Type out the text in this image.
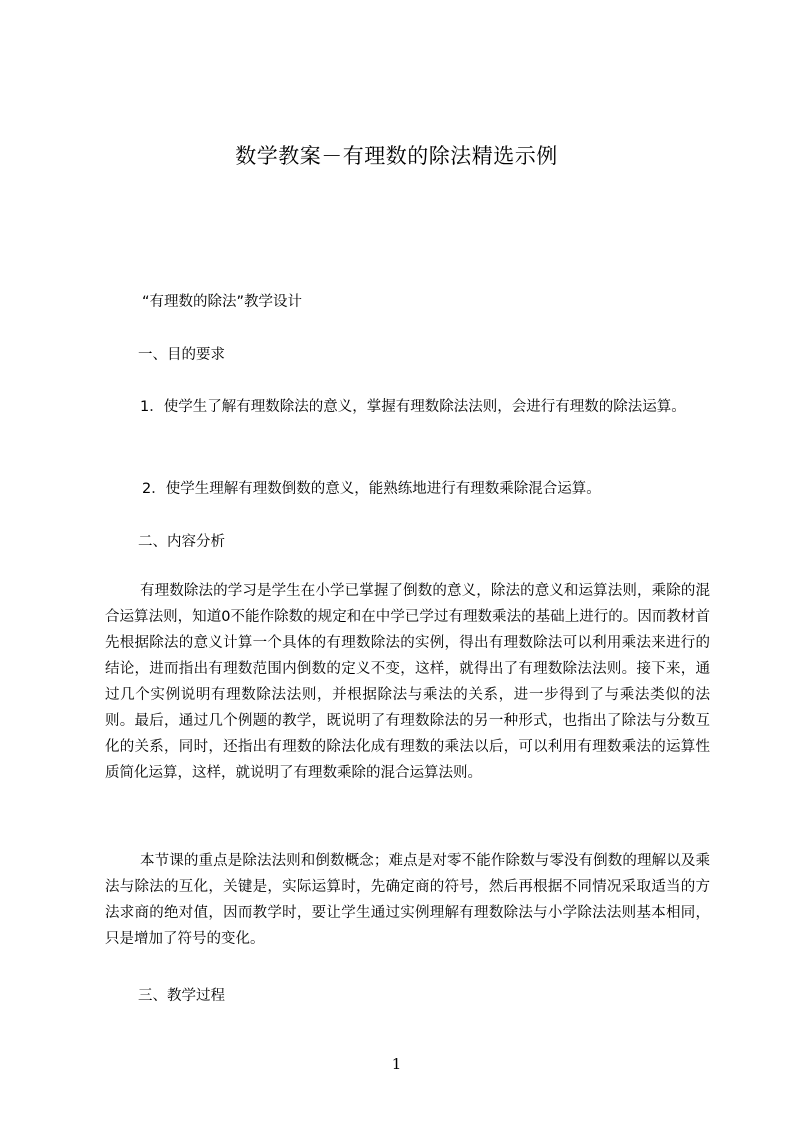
数学教案－有理数的除法精选示例
“有理数的除法”教学设计
一、目的要求
1．使学生了解有理数除法的意义，掌握有理数除法法则，会进行有理数的除法运算。
2．使学生理解有理数倒数的意义，能熟练地进行有理数乘除混合运算。
二、内容分析
有理数除法的学习是学生在小学已掌握了倒数的意义，除法的意义和运算法则，乘除的混合运算法则，知道0不能作除数的规定和在中学已学过有理数乘法的基础上进行的。因而教材首先根据除法的意义计算一个具体的有理数除法的实例，得出有理数除法可以利用乘法来进行的结论，进而指出有理数范围内倒数的定义不变，这样，就得出了有理数除法法则。接下来，通过几个实例说明有理数除法法则，并根据除法与乘法的关系，进一步得到了与乘法类似的法则。最后，通过几个例题的教学，既说明了有理数除法的另一种形式，也指出了除法与分数互化的关系，同时，还指出有理数的除法化成有理数的乘法以后，可以利用有理数乘法的运算性质简化运算，这样，就说明了有理数乘除的混合运算法则。
本节课的重点是除法法则和倒数概念；难点是对零不能作除数与零没有倒数的理解以及乘法与除法的互化，关键是，实际运算时，先确定商的符号，然后再根据不同情况采取适当的方法求商的绝对值，因而教学时，要让学生通过实例理解有理数除法与小学除法法则基本相同，只是增加了符号的变化。
三、教学过程
1
